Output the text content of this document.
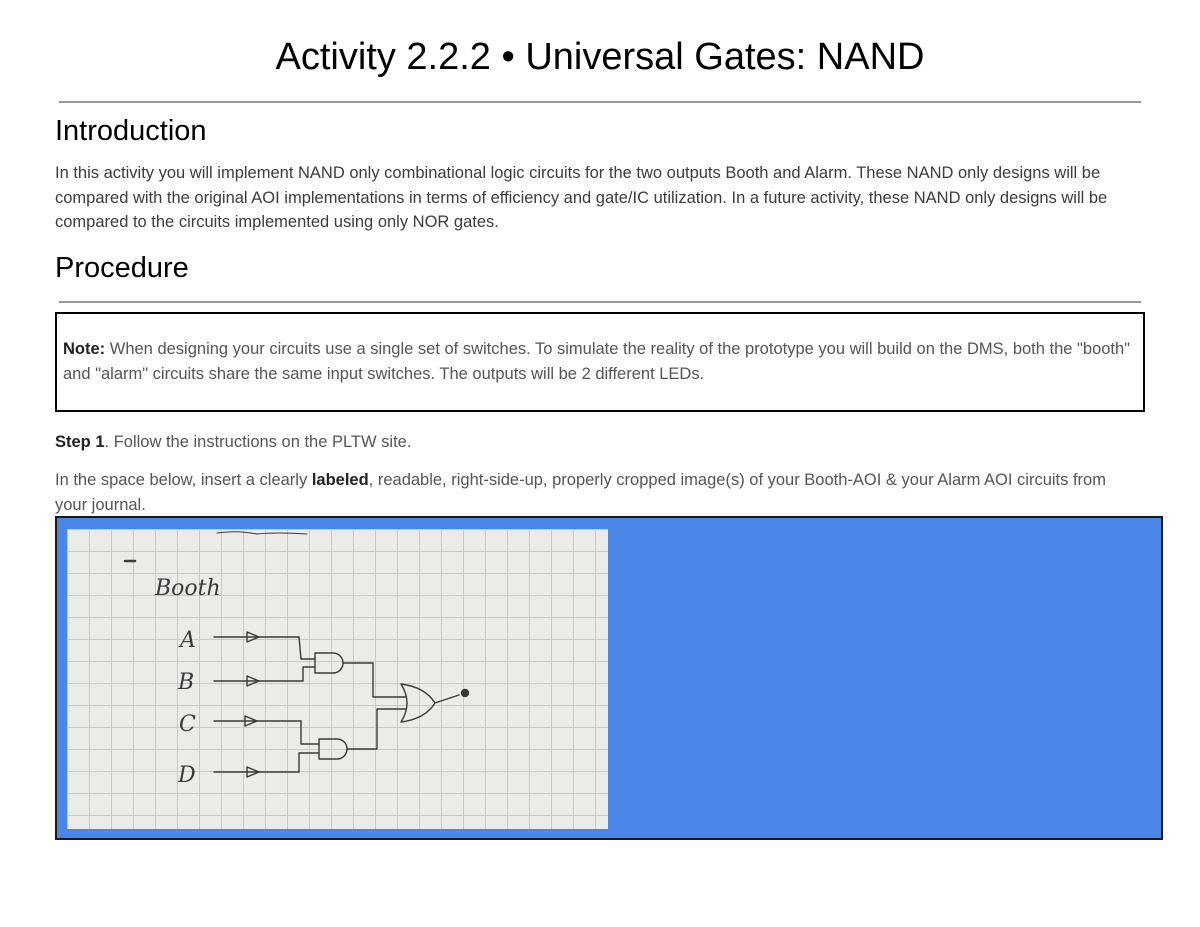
Activity 2.2.2 • Universal Gates: NAND
Introduction
In this activity you will implement NAND only combinational logic circuits for the two outputs Booth and Alarm. These NAND only designs will be compared with the original AOI implementations in terms of efficiency and gate/IC utilization. In a future activity, these NAND only designs will be compared to the circuits implemented using only NOR gates.
Procedure
Note: When designing your circuits use a single set of switches. To simulate the reality of the prototype you will build on the DMS, both the "booth" and "alarm" circuits share the same input switches. The outputs will be 2 different LEDs.
Step 1. Follow the instructions on the PLTW site.
In the space below, insert a clearly labeled, readable, right-side-up, properly cropped image(s) of your Booth-AOI & your Alarm AOI circuits from your journal.
Booth
A
B
C
D
